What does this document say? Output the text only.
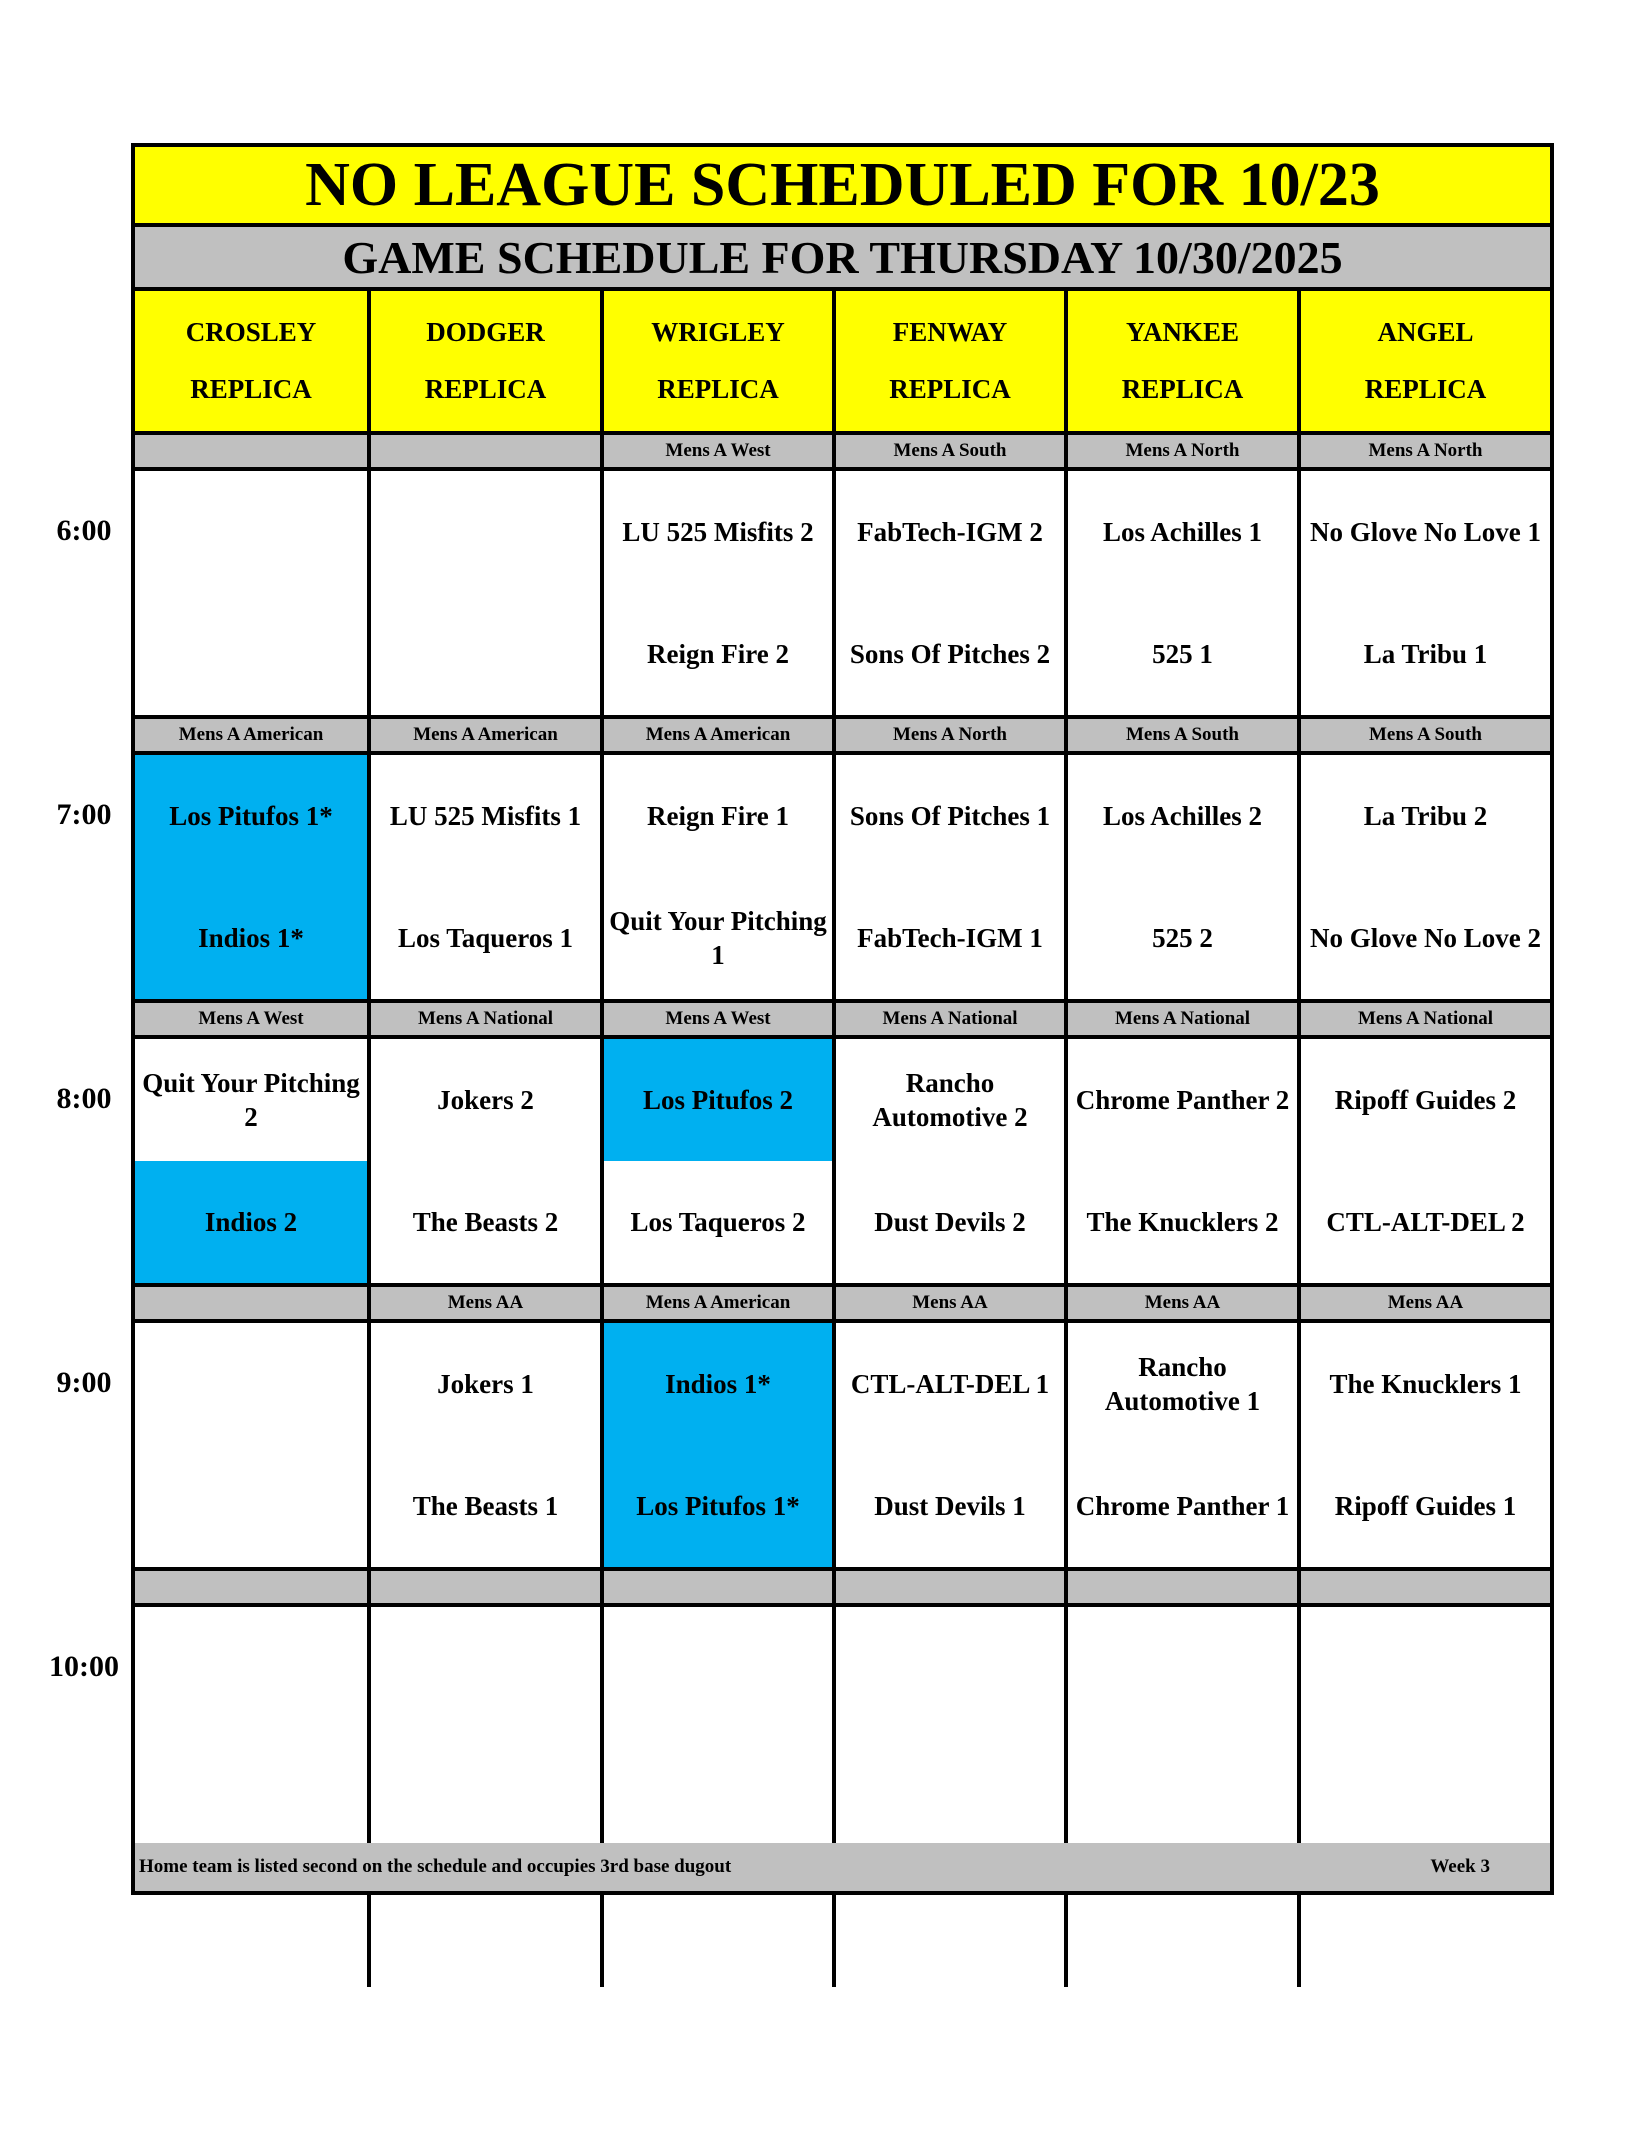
NO LEAGUE SCHEDULED FOR 10/23
GAME SCHEDULE FOR THURSDAY 10/30/2025
CROSLEY
REPLICA
DODGER
REPLICA
WRIGLEY
REPLICA
FENWAY
REPLICA
YANKEE
REPLICA
ANGEL
REPLICA
Mens A West
LU 525 Misfits 2
Reign Fire 2
Mens A South
FabTech-IGM 2
Sons Of Pitches 2
Mens A North
Los Achilles 1
525 1
Mens A North
No Glove No Love 1
La Tribu 1
Mens A American
Los Pitufos 1*
Indios 1*
Mens A American
LU 525 Misfits 1
Los Taqueros 1
Mens A American
Reign Fire 1
Quit Your Pitching 1
Mens A North
Sons Of Pitches 1
FabTech-IGM 1
Mens A South
Los Achilles 2
525 2
Mens A South
La Tribu 2
No Glove No Love 2
Mens A West
Quit Your Pitching 2
Indios 2
Mens A National
Jokers 2
The Beasts 2
Mens A West
Los Pitufos 2
Los Taqueros 2
Mens A National
Rancho Automotive 2
Dust Devils 2
Mens A National
Chrome Panther 2
The Knucklers 2
Mens A National
Ripoff Guides 2
CTL-ALT-DEL 2
Mens AA
Jokers 1
The Beasts 1
Mens A American
Indios 1*
Los Pitufos 1*
Mens AA
CTL-ALT-DEL 1
Dust Devils 1
Mens AA
Rancho Automotive 1
Chrome Panther 1
Mens AA
The Knucklers 1
Ripoff Guides 1
Home team is listed second on the schedule and occupies 3rd base dugout	Week 3
6:00
7:00
8:00
9:00
10:00
